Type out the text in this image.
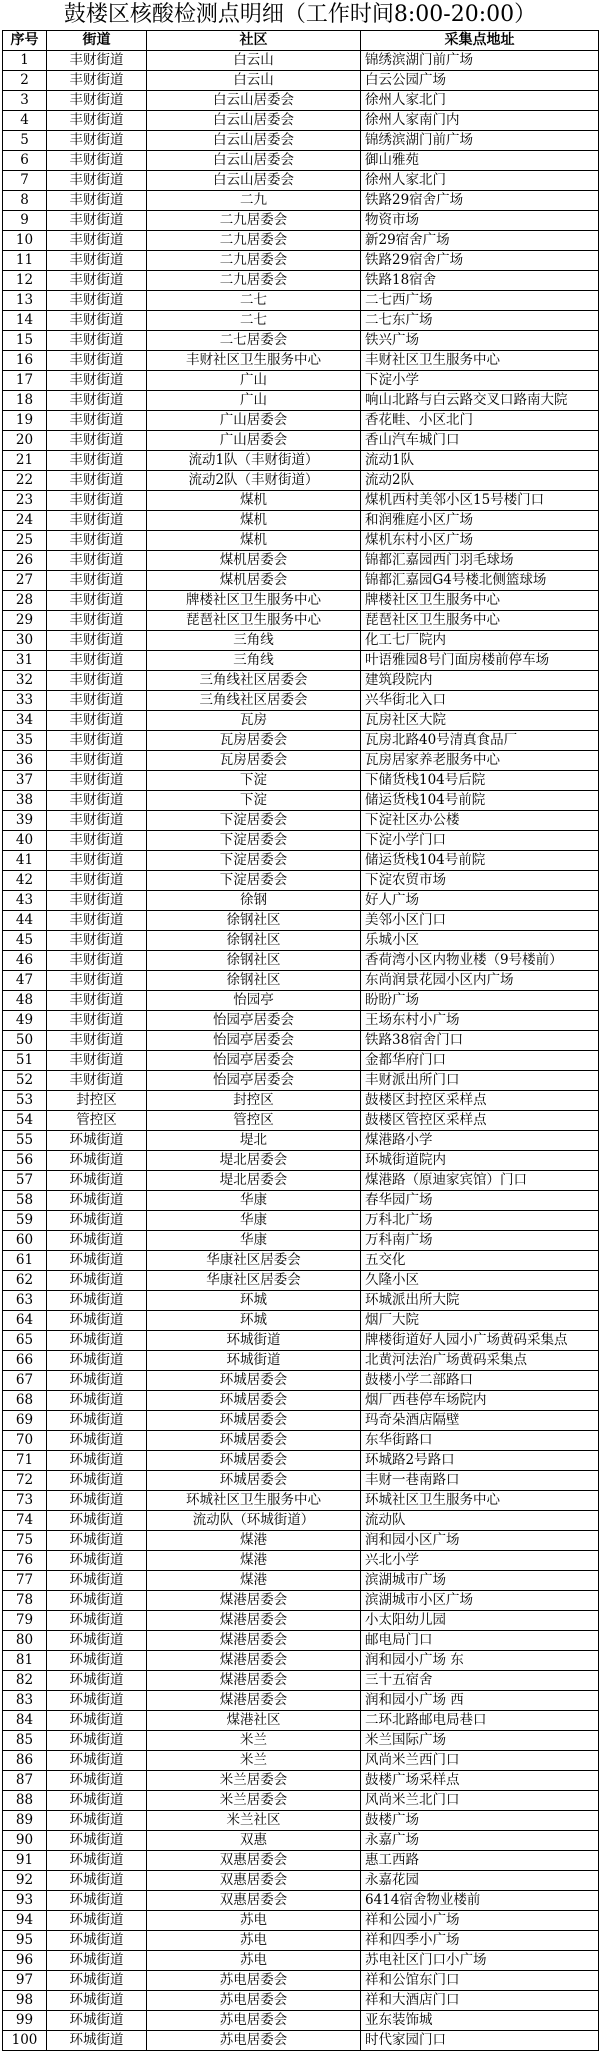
鼓楼区核酸检测点明细（工作时间8:00-20:00）
序号	街道	社区	采集点地址
1	丰财街道	白云山	锦绣滨湖门前广场
2	丰财街道	白云山	白云公园广场
3	丰财街道	白云山居委会	徐州人家北门
4	丰财街道	白云山居委会	徐州人家南门内
5	丰财街道	白云山居委会	锦绣滨湖门前广场
6	丰财街道	白云山居委会	御山雅苑
7	丰财街道	白云山居委会	徐州人家北门
8	丰财街道	二九	铁路29宿舍广场
9	丰财街道	二九居委会	物资市场
10	丰财街道	二九居委会	新29宿舍广场
11	丰财街道	二九居委会	铁路29宿舍广场
12	丰财街道	二九居委会	铁路18宿舍
13	丰财街道	二七	二七西广场
14	丰财街道	二七	二七东广场
15	丰财街道	二七居委会	铁兴广场
16	丰财街道	丰财社区卫生服务中心	丰财社区卫生服务中心
17	丰财街道	广山	下淀小学
18	丰财街道	广山	响山北路与白云路交叉口路南大院
19	丰财街道	广山居委会	香花畦、小区北门
20	丰财街道	广山居委会	香山汽车城门口
21	丰财街道	流动1队（丰财街道）	流动1队
22	丰财街道	流动2队（丰财街道）	流动2队
23	丰财街道	煤机	煤机西村美邻小区15号楼门口
24	丰财街道	煤机	和润雅庭小区广场
25	丰财街道	煤机	煤机东村小区广场
26	丰财街道	煤机居委会	锦都汇嘉园西门羽毛球场
27	丰财街道	煤机居委会	锦都汇嘉园G4号楼北侧篮球场
28	丰财街道	牌楼社区卫生服务中心	牌楼社区卫生服务中心
29	丰财街道	琵琶社区卫生服务中心	琵琶社区卫生服务中心
30	丰财街道	三角线	化工七厂院内
31	丰财街道	三角线	叶语雅园8号门面房楼前停车场
32	丰财街道	三角线社区居委会	建筑段院内
33	丰财街道	三角线社区居委会	兴华街北入口
34	丰财街道	瓦房	瓦房社区大院
35	丰财街道	瓦房居委会	瓦房北路40号清真食品厂
36	丰财街道	瓦房居委会	瓦房居家养老服务中心
37	丰财街道	下淀	下储货栈104号后院
38	丰财街道	下淀	储运货栈104号前院
39	丰财街道	下淀居委会	下淀社区办公楼
40	丰财街道	下淀居委会	下淀小学门口
41	丰财街道	下淀居委会	储运货栈104号前院
42	丰财街道	下淀居委会	下淀农贸市场
43	丰财街道	徐钢	好人广场
44	丰财街道	徐钢社区	美邻小区门口
45	丰财街道	徐钢社区	乐城小区
46	丰财街道	徐钢社区	香荷湾小区内物业楼（9号楼前）
47	丰财街道	徐钢社区	东尚润景花园小区内广场
48	丰财街道	怡园亭	盼盼广场
49	丰财街道	怡园亭居委会	王场东村小广场
50	丰财街道	怡园亭居委会	铁路38宿舍门口
51	丰财街道	怡园亭居委会	金都华府门口
52	丰财街道	怡园亭居委会	丰财派出所门口
53	封控区	封控区	鼓楼区封控区采样点
54	管控区	管控区	鼓楼区管控区采样点
55	环城街道	堤北	煤港路小学
56	环城街道	堤北居委会	环城街道院内
57	环城街道	堤北居委会	煤港路（原迪家宾馆）门口
58	环城街道	华康	春华园广场
59	环城街道	华康	万科北广场
60	环城街道	华康	万科南广场
61	环城街道	华康社区居委会	五交化
62	环城街道	华康社区居委会	久隆小区
63	环城街道	环城	环城派出所大院
64	环城街道	环城	烟厂大院
65	环城街道	环城街道	牌楼街道好人园小广场黄码采集点
66	环城街道	环城街道	北黄河法治广场黄码采集点
67	环城街道	环城居委会	鼓楼小学二部路口
68	环城街道	环城居委会	烟厂西巷停车场院内
69	环城街道	环城居委会	玛奇朵酒店隔壁
70	环城街道	环城居委会	东华街路口
71	环城街道	环城居委会	环城路2号路口
72	环城街道	环城居委会	丰财一巷南路口
73	环城街道	环城社区卫生服务中心	环城社区卫生服务中心
74	环城街道	流动队（环城街道）	流动队
75	环城街道	煤港	润和园小区广场
76	环城街道	煤港	兴北小学
77	环城街道	煤港	滨湖城市广场
78	环城街道	煤港居委会	滨湖城市小区广场
79	环城街道	煤港居委会	小太阳幼儿园
80	环城街道	煤港居委会	邮电局门口
81	环城街道	煤港居委会	润和园小广场 东
82	环城街道	煤港居委会	三十五宿舍
83	环城街道	煤港居委会	润和园小广场 西
84	环城街道	煤港社区	二环北路邮电局巷口
85	环城街道	米兰	米兰国际广场
86	环城街道	米兰	风尚米兰西门口
87	环城街道	米兰居委会	鼓楼广场采样点
88	环城街道	米兰居委会	风尚米兰北门口
89	环城街道	米兰社区	鼓楼广场
90	环城街道	双惠	永嘉广场
91	环城街道	双惠居委会	惠工西路
92	环城街道	双惠居委会	永嘉花园
93	环城街道	双惠居委会	6414宿舍物业楼前
94	环城街道	苏电	祥和公园小广场
95	环城街道	苏电	祥和四季小广场
96	环城街道	苏电	苏电社区门口小广场
97	环城街道	苏电居委会	祥和公馆东门口
98	环城街道	苏电居委会	祥和大酒店门口
99	环城街道	苏电居委会	亚东装饰城
100	环城街道	苏电居委会	时代家园门口
